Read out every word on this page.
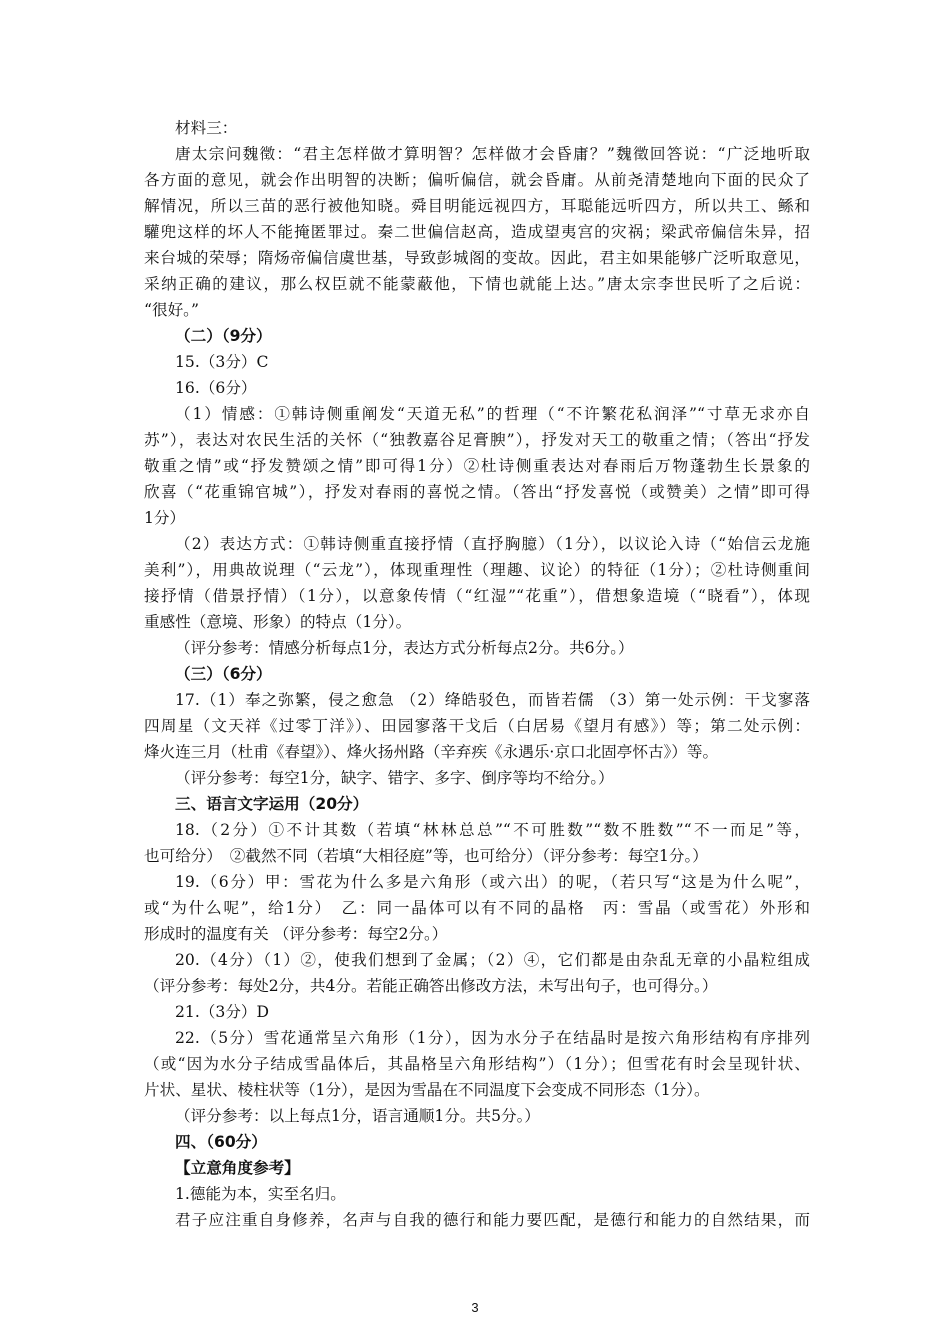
材料三：
唐太宗问魏徵：“君主怎样做才算明智？怎样做才会昏庸？”魏徵回答说：“广泛地听取
各方面的意见，就会作出明智的决断；偏听偏信，就会昏庸。从前尧清楚地向下面的民众了
解情况，所以三苗的恶行被他知晓。舜目明能远视四方，耳聪能远听四方，所以共工、鲧和
驩兜这样的坏人不能掩匿罪过。秦二世偏信赵高，造成望夷宫的灾祸；梁武帝偏信朱异，招
来台城的荣辱；隋炀帝偏信虞世基，导致彭城阁的变故。因此，君主如果能够广泛听取意见，
采纳正确的建议，那么权臣就不能蒙蔽他，下情也就能上达。”唐太宗李世民听了之后说：
“很好。”
（二）（9分）
15.（3分）C
16.（6分）
（1）情感：①韩诗侧重阐发“天道无私”的哲理（“不许繁花私润泽”“寸草无求亦自
苏”），表达对农民生活的关怀（“独教嘉谷足膏腴”），抒发对天工的敬重之情；（答出“抒发
敬重之情”或“抒发赞颂之情”即可得1分）②杜诗侧重表达对春雨后万物蓬勃生长景象的
欣喜（“花重锦官城”），抒发对春雨的喜悦之情。（答出“抒发喜悦（或赞美）之情”即可得
1分）
（2）表达方式：①韩诗侧重直接抒情（直抒胸臆）（1分），以议论入诗（“始信云龙施
美利”），用典故说理（“云龙”），体现重理性（理趣、议论）的特征（1分）；②杜诗侧重间
接抒情（借景抒情）（1分），以意象传情（“红湿”“花重”），借想象造境（“晓看”），体现
重感性（意境、形象）的特点（1分）。
（评分参考：情感分析每点1分，表达方式分析每点2分。共6分。）
（三）（6分）
17.（1）奉之弥繁，侵之愈急 （2）绛皓驳色，而皆若儒 （3）第一处示例：干戈寥落
四周星（文天祥《过零丁洋》）、田园寥落干戈后（白居易《望月有感》）等；第二处示例：
烽火连三月（杜甫《春望》）、烽火扬州路（辛弃疾《永遇乐·京口北固亭怀古》）等。
（评分参考：每空1分，缺字、错字、多字、倒序等均不给分。）
三、语言文字运用（20分）
18.（2分）①不计其数（若填“林林总总”“不可胜数”“数不胜数”“不一而足”等，
也可给分）　②截然不同（若填“大相径庭”等，也可给分）（评分参考：每空1分。）
19.（6分）甲：雪花为什么多是六角形（或六出）的呢，（若只写“这是为什么呢”，
或“为什么呢”，给1分）　乙：同一晶体可以有不同的晶格　丙：雪晶（或雪花）外形和
形成时的温度有关 （评分参考：每空2分。）
20.（4分）（1）②，使我们想到了金属；（2）④，它们都是由杂乱无章的小晶粒组成
（评分参考：每处2分，共4分。若能正确答出修改方法，未写出句子，也可得分。）
21.（3分）D
22.（5分）雪花通常呈六角形（1分），因为水分子在结晶时是按六角形结构有序排列
（或“因为水分子结成雪晶体后，其晶格呈六角形结构”）（1分）；但雪花有时会呈现针状、
片状、星状、棱柱状等（1分），是因为雪晶在不同温度下会变成不同形态（1分）。
（评分参考：以上每点1分，语言通顺1分。共5分。）
四、（60分）
【立意角度参考】
1.德能为本，实至名归。
君子应注重自身修养，名声与自我的德行和能力要匹配，是德行和能力的自然结果，而
3
